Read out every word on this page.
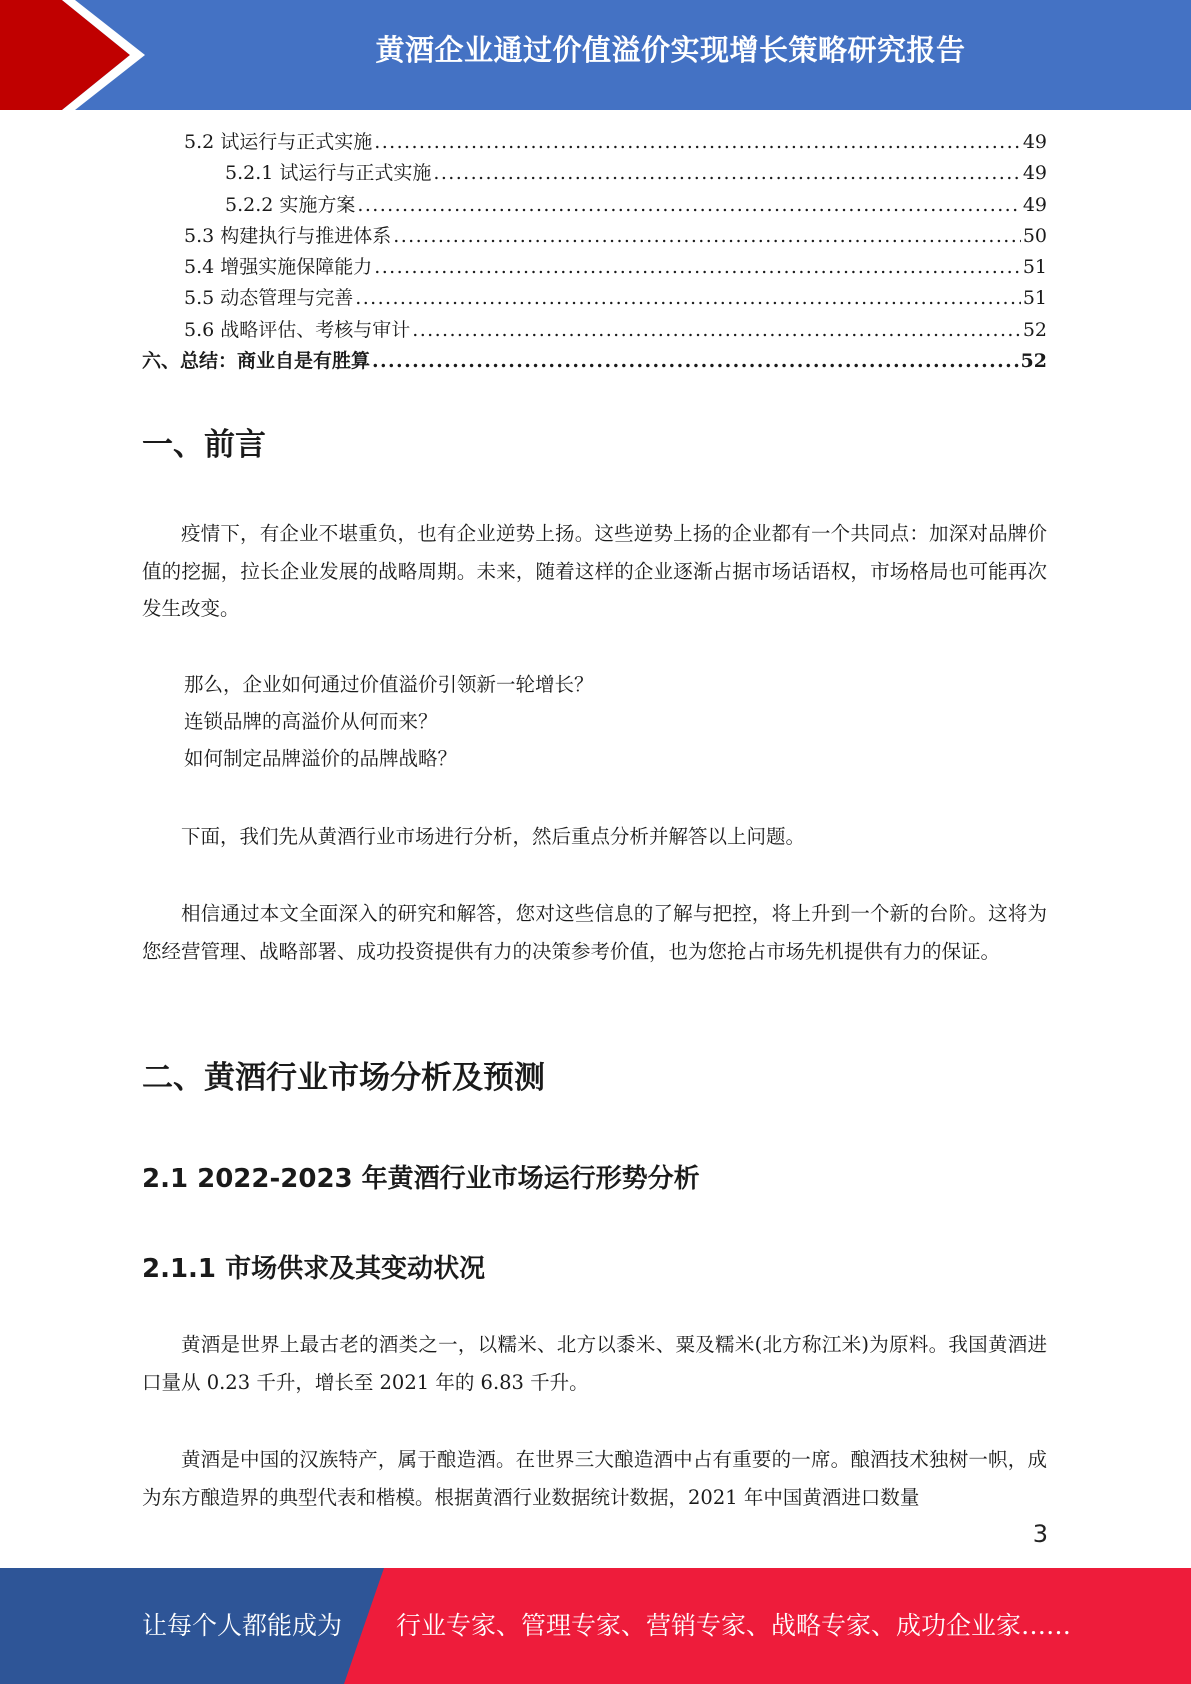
黄酒企业通过价值溢价实现增长策略研究报告
5.2 试运行与正式实施 .....	49
5.2.1 试运行与正式实施 .....	49
5.2.2 实施方案 .....	49
5.3 构建执行与推进体系 .....	50
5.4 增强实施保障能力 .....	51
5.5 动态管理与完善 .....	51
5.6 战略评估、考核与审计 .....	52
六、总结：商业自是有胜算 .....	52
一、前言
疫情下，有企业不堪重负，也有企业逆势上扬。这些逆势上扬的企业都有一个共同点：加深对品牌价值的挖掘，拉长企业发展的战略周期。未来，随着这样的企业逐渐占据市场话语权，市场格局也可能再次发生改变。
那么，企业如何通过价值溢价引领新一轮增长？
连锁品牌的高溢价从何而来？
如何制定品牌溢价的品牌战略？
下面，我们先从黄酒行业市场进行分析，然后重点分析并解答以上问题。
相信通过本文全面深入的研究和解答，您对这些信息的了解与把控，将上升到一个新的台阶。这将为您经营管理、战略部署、成功投资提供有力的决策参考价值，也为您抢占市场先机提供有力的保证。
二、黄酒行业市场分析及预测
2.1 2022-2023 年黄酒行业市场运行形势分析
2.1.1 市场供求及其变动状况
黄酒是世界上最古老的酒类之一，以糯米、北方以黍米、粟及糯米(北方称江米)为原料。我国黄酒进口量从 0.23 千升，增长至 2021 年的 6.83 千升。
黄酒是中国的汉族特产，属于酿造酒。在世界三大酿造酒中占有重要的一席。酿酒技术独树一帜，成为东方酿造界的典型代表和楷模。根据黄酒行业数据统计数据，2021 年中国黄酒进口数量
3
让每个人都能成为 行业专家、管理专家、营销专家、战略专家、成功企业家……
